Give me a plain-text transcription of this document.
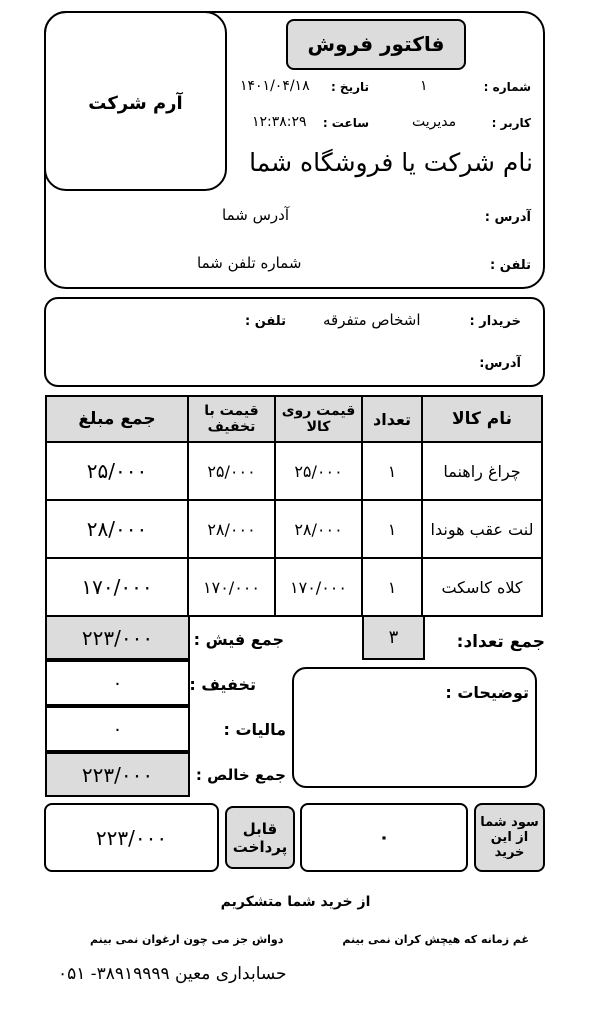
آرم شرکت
فاکتور فروش
شماره :
۱
تاریخ :
۱۴۰۱/۰۴/۱۸
کاربر :
مدیریت
ساعت :
۱۲:۳۸:۲۹
نام شرکت یا فروشگاه شما
آدرس :
آدرس شما
تلفن :
شماره تلفن شما
خریدار :
اشخاص متفرقه
تلفن :
آدرس:
نام کالا	تعداد	قیمت روی کالا	قیمت با تخفیف	جمع مبلغ
چراغ راهنما	۱	۲۵/۰۰۰	۲۵/۰۰۰	۲۵/۰۰۰
لنت عقب هوندا	۱	۲۸/۰۰۰	۲۸/۰۰۰	۲۸/۰۰۰
کلاه کاسکت	۱	۱۷۰/۰۰۰	۱۷۰/۰۰۰	۱۷۰/۰۰۰
جمع تعداد:
۳
۲۲۳/۰۰۰	جمع فیش :
۰	تخفیف :
۰	مالیات :
۲۲۳/۰۰۰	جمع خالص :
توضیحات :
۲۲۳/۰۰۰	قابل پرداخت	۰
سود شما از این خرید
از خرید شما متشکریم
غم زمانه که هیچش کران نمی بینم
دواش جز می چون ارغوان نمی بینم
حسابداری معین ۳۸۹۱۹۹۹۹- ۰۵۱
